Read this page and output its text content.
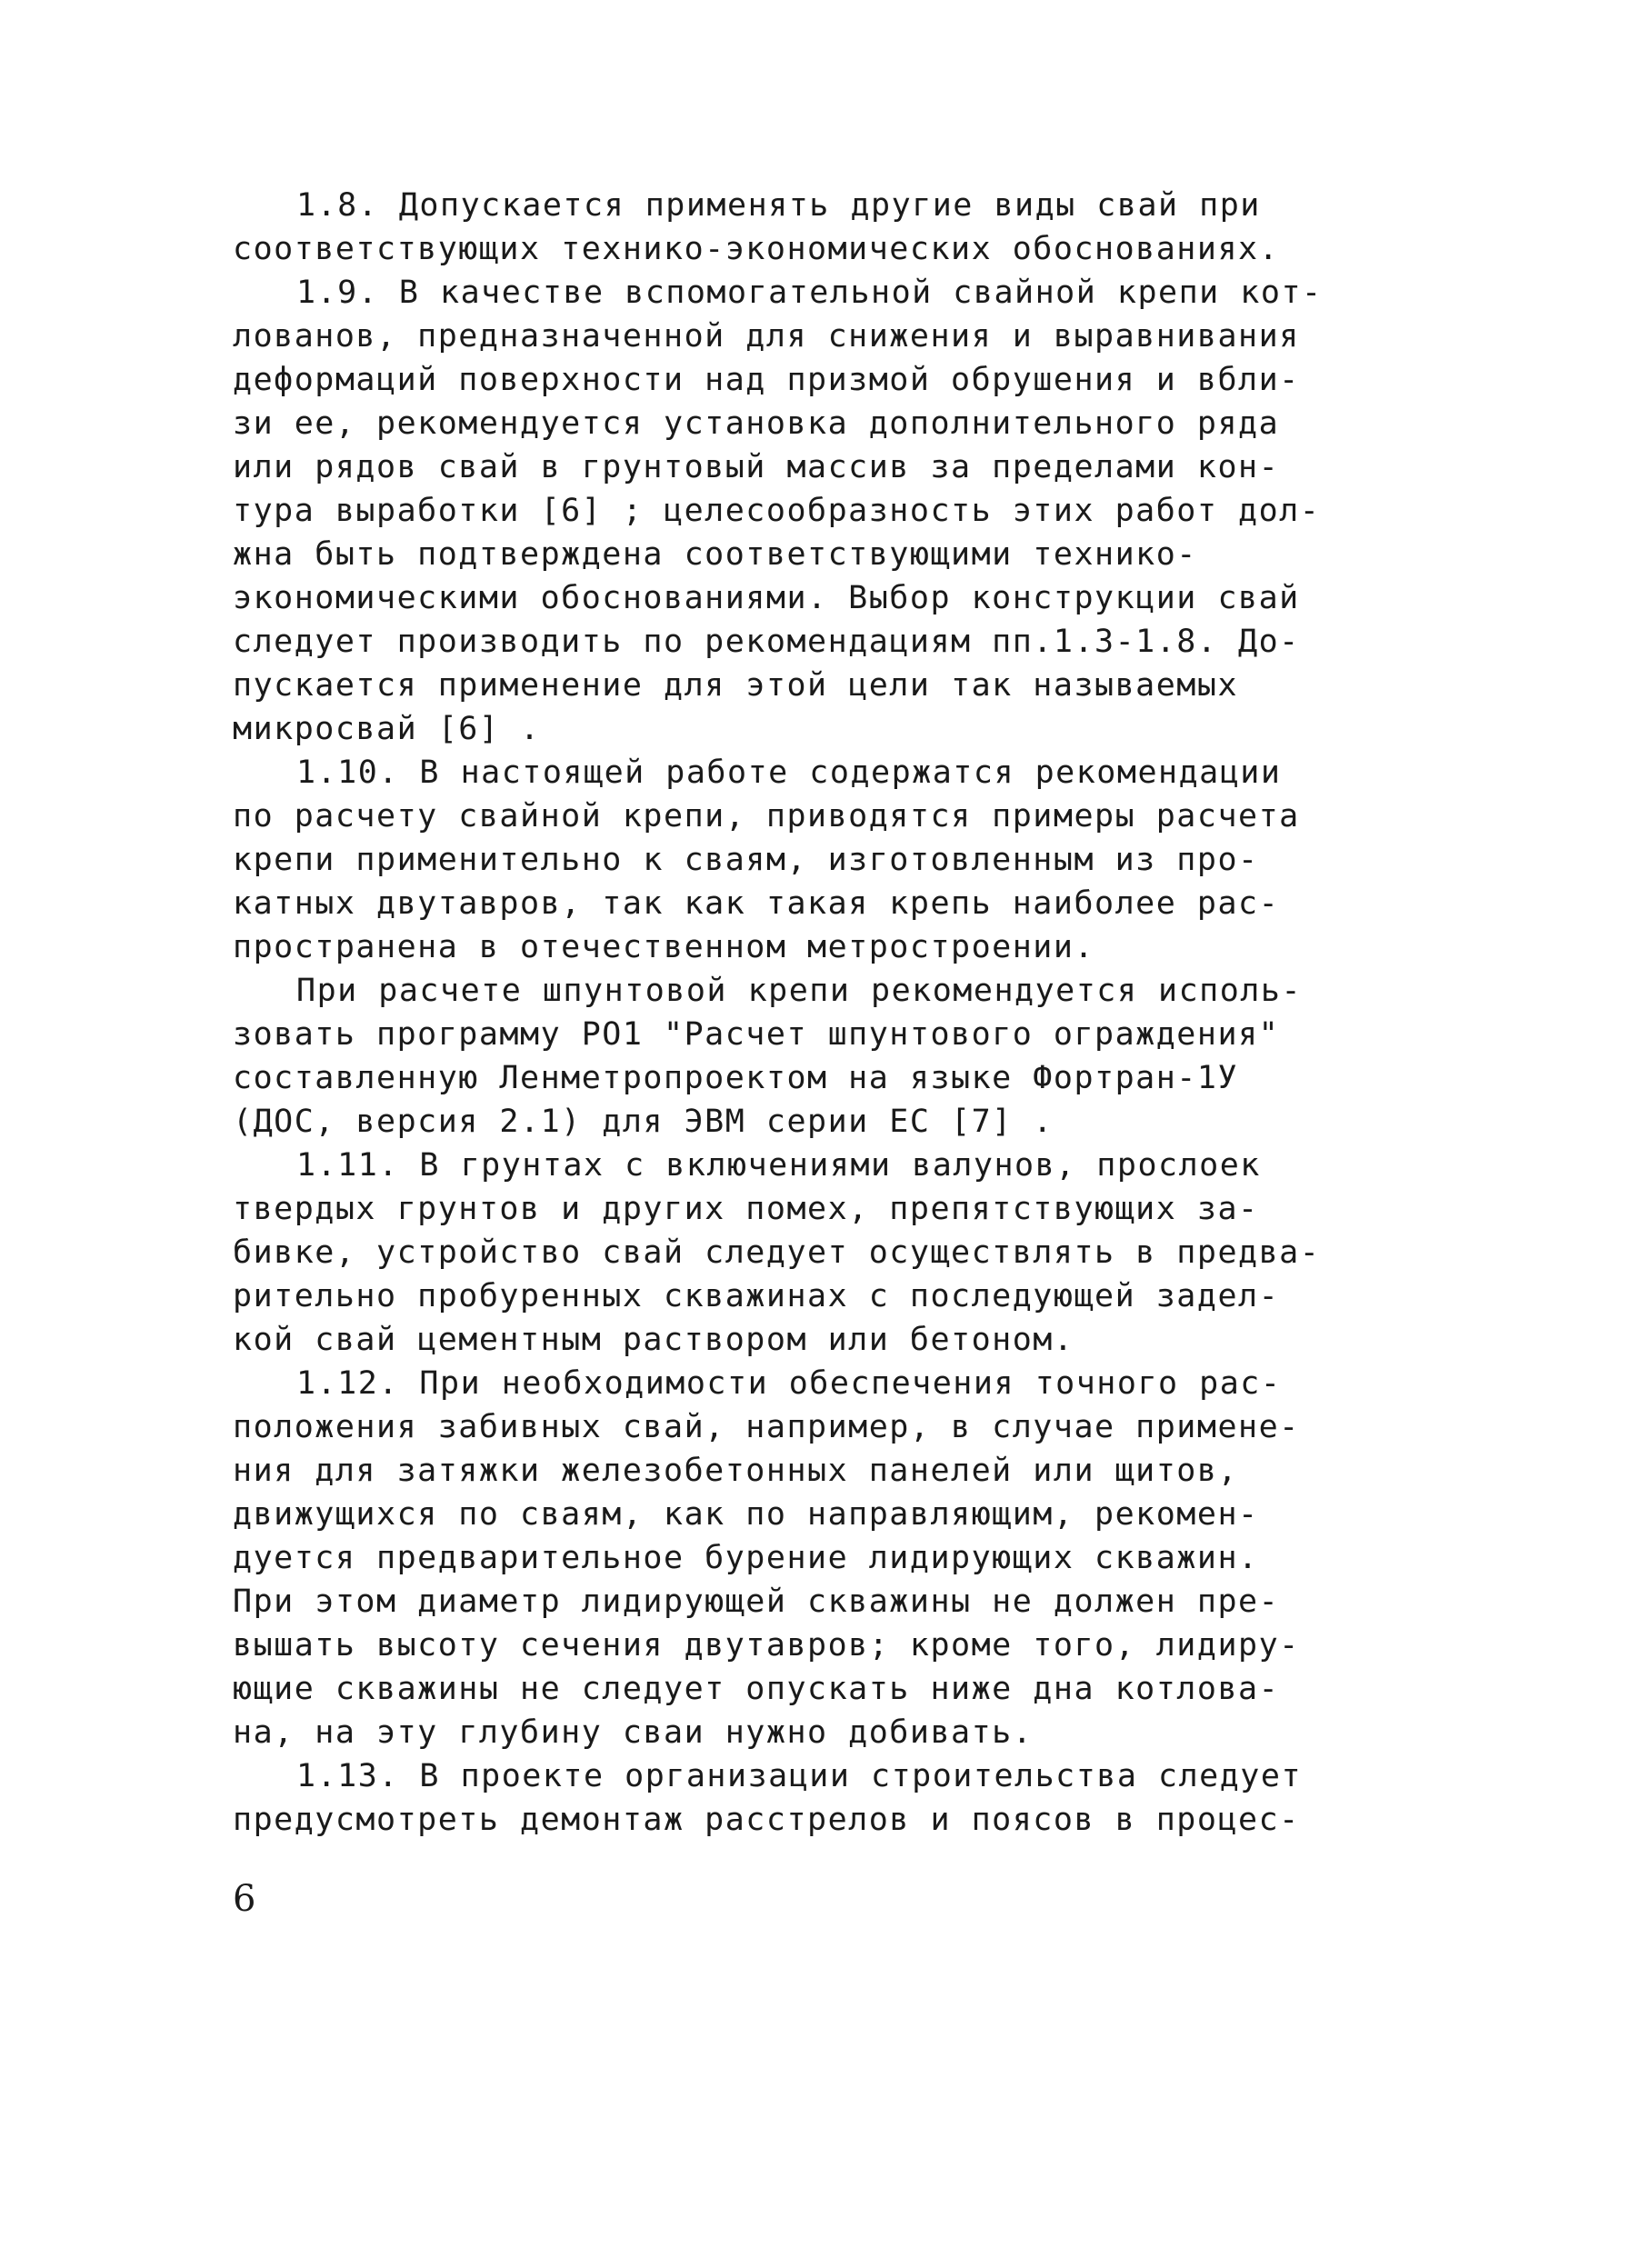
1.8. Допускается применять другие виды свай при
соответствующих технико-экономических обоснованиях.
1.9. В качестве вспомогательной свайной крепи кот-
лованов, предназначенной для снижения и выравнивания
деформаций поверхности над призмой обрушения и вбли-
зи ее, рекомендуется установка дополнительного ряда
или рядов свай в грунтовый массив за пределами кон-
тура выработки [6] ; целесообразность этих работ дол-
жна быть подтверждена соответствующими технико-
экономическими обоснованиями. Выбор конструкции свай
следует производить по рекомендациям пп.1.3-1.8. До-
пускается применение для этой цели так называемых
микросвай [6] .
1.10. В настоящей работе содержатся рекомендации
по расчету свайной крепи, приводятся примеры расчета
крепи применительно к сваям, изготовленным из про-
катных двутавров, так как такая крепь наиболее рас-
пространена в отечественном метростроении.
При расчете шпунтовой крепи рекомендуется исполь-
зовать программу PO1 "Расчет шпунтового ограждения"
составленную Ленметропроектом на языке Фортран-1У
(ДОС, версия 2.1) для ЭВМ серии ЕС [7] .
1.11. В грунтах с включениями валунов, прослоек
твердых грунтов и других помех, препятствующих за-
бивке, устройство свай следует осуществлять в предва-
рительно пробуренных скважинах с последующей задел-
кой свай цементным раствором или бетоном.
1.12. При необходимости обеспечения точного рас-
положения забивных свай, например, в случае примене-
ния для затяжки железобетонных панелей или щитов,
движущихся по сваям, как по направляющим, рекомен-
дуется предварительное бурение лидирующих скважин.
При этом диаметр лидирующей скважины не должен пре-
вышать высоту сечения двутавров; кроме того, лидиру-
ющие скважины не следует опускать ниже дна котлова-
на, на эту глубину сваи нужно добивать.
1.13. В проекте организации строительства следует
предусмотреть демонтаж расстрелов и поясов в процес-
6
